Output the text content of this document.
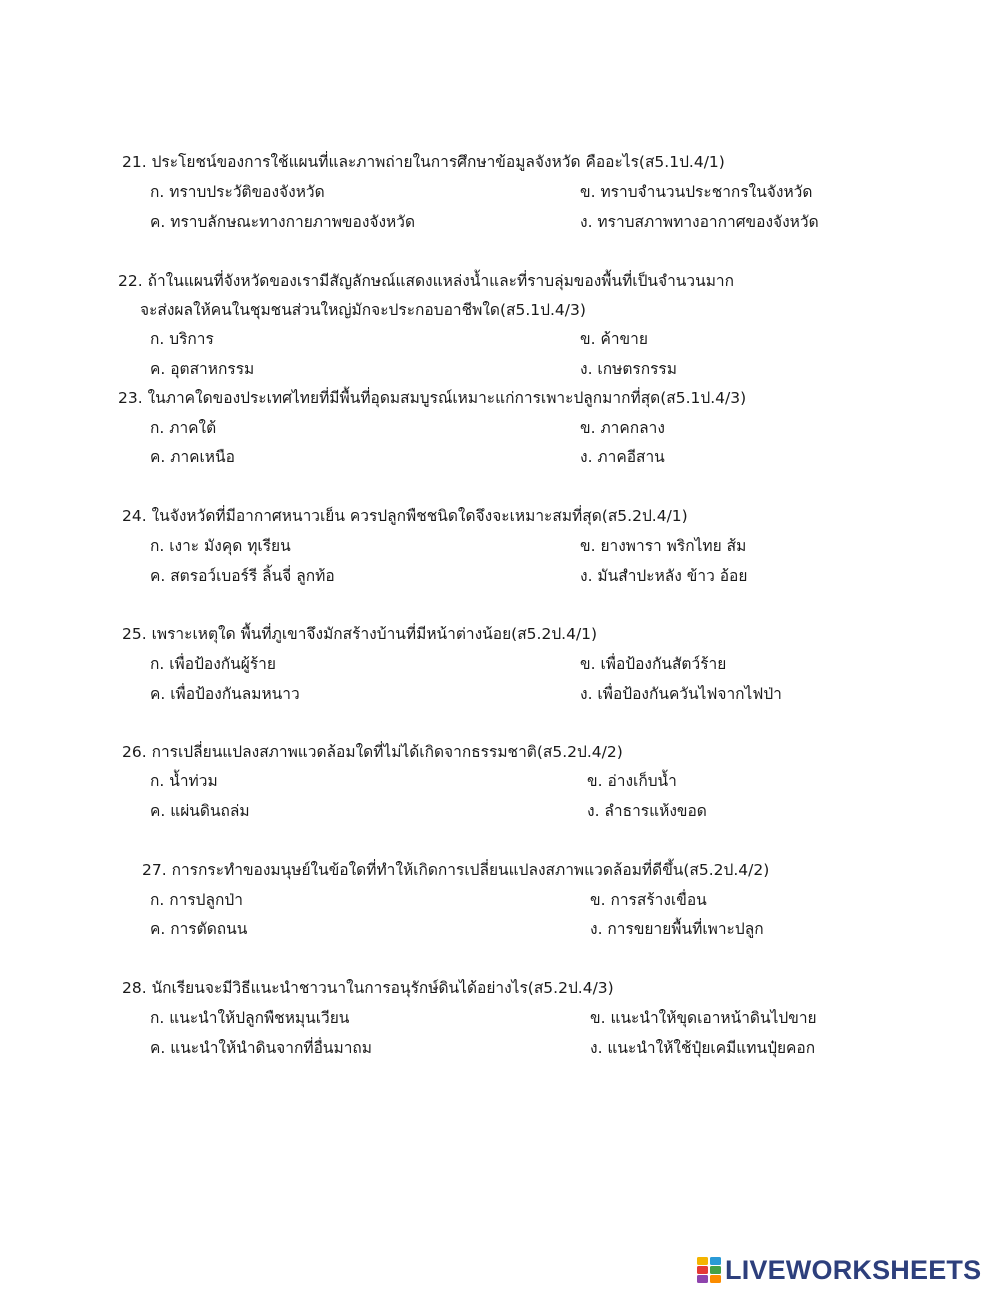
21. ประโยชน์ของการใช้แผนที่และภาพถ่ายในการศึกษาข้อมูลจังหวัด คืออะไร(ส5.1ป.4/1)
ก. ทราบประวัติของจังหวัด	ข. ทราบจำนวนประชากรในจังหวัด
ค. ทราบลักษณะทางกายภาพของจังหวัด	ง. ทราบสภาพทางอากาศของจังหวัด
22. ถ้าในแผนที่จังหวัดของเรามีสัญลักษณ์แสดงแหล่งน้ำและที่ราบลุ่มของพื้นที่เป็นจำนวนมาก
จะส่งผลให้คนในชุมชนส่วนใหญ่มักจะประกอบอาชีพใด(ส5.1ป.4/3)
ก. บริการ	ข. ค้าขาย
ค. อุตสาหกรรม	ง. เกษตรกรรม
23. ในภาคใดของประเทศไทยที่มีพื้นที่อุดมสมบูรณ์เหมาะแก่การเพาะปลูกมากที่สุด(ส5.1ป.4/3)
ก. ภาคใต้	ข. ภาคกลาง
ค. ภาคเหนือ	ง. ภาคอีสาน
24. ในจังหวัดที่มีอากาศหนาวเย็น ควรปลูกพืชชนิดใดจึงจะเหมาะสมที่สุด(ส5.2ป.4/1)
ก. เงาะ มังคุด ทุเรียน	ข. ยางพารา พริกไทย ส้ม
ค. สตรอว์เบอร์รี ลิ้นจี่ ลูกท้อ	ง. มันสำปะหลัง ข้าว อ้อย
25. เพราะเหตุใด พื้นที่ภูเขาจึงมักสร้างบ้านที่มีหน้าต่างน้อย(ส5.2ป.4/1)
ก. เพื่อป้องกันผู้ร้าย	ข. เพื่อป้องกันสัตว์ร้าย
ค. เพื่อป้องกันลมหนาว	ง. เพื่อป้องกันควันไฟจากไฟป่า
26. การเปลี่ยนแปลงสภาพแวดล้อมใดที่ไม่ได้เกิดจากธรรมชาติ(ส5.2ป.4/2)
ก. น้ำท่วม	ข. อ่างเก็บน้ำ
ค. แผ่นดินถล่ม	ง. ลำธารแห้งขอด
27. การกระทำของมนุษย์ในข้อใดที่ทำให้เกิดการเปลี่ยนแปลงสภาพแวดล้อมที่ดีขึ้น(ส5.2ป.4/2)
ก. การปลูกป่า	ข. การสร้างเขื่อน
ค. การตัดถนน	ง. การขยายพื้นที่เพาะปลูก
28. นักเรียนจะมีวิธีแนะนำชาวนาในการอนุรักษ์ดินได้อย่างไร(ส5.2ป.4/3)
ก. แนะนำให้ปลูกพืชหมุนเวียน	ข. แนะนำให้ขุดเอาหน้าดินไปขาย
ค. แนะนำให้นำดินจากที่อื่นมาถม	ง. แนะนำให้ใช้ปุ๋ยเคมีแทนปุ๋ยคอก
LIVEWORKSHEETS
